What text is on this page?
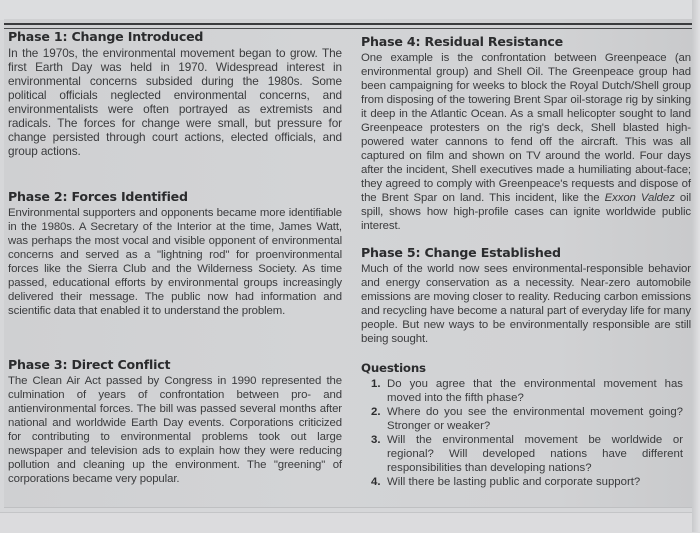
Phase 1: Change Introduced

In the 1970s, the environmental movement began to grow. The first Earth Day was held in 1970. Widespread interest in environmental concerns subsided during the 1980s. Some political officials neglected environmental concerns, and environmentalists were often portrayed as extremists and radicals. The forces for change were small, but pressure for change persisted through court actions, elected officials, and group actions.

Phase 2: Forces Identified

Environmental supporters and opponents became more identifiable in the 1980s. A Secretary of the Interior at the time, James Watt, was perhaps the most vocal and visible opponent of environmental concerns and served as a "lightning rod" for proenvironmental forces like the Sierra Club and the Wilderness Society. As time passed, educational efforts by environmental groups increasingly delivered their message. The public now had information and scientific data that enabled it to understand the problem.

Phase 3: Direct Conflict

The Clean Air Act passed by Congress in 1990 represented the culmination of years of confrontation between pro- and antienvironmental forces. The bill was passed several months after national and worldwide Earth Day events. Corporations criticized for contributing to environmental problems took out large newspaper and television ads to explain how they were reducing pollution and cleaning up the environment. The "greening" of corporations became very popular.

Phase 4: Residual Resistance

One example is the confrontation between Greenpeace (an environmental group) and Shell Oil. The Greenpeace group had been campaigning for weeks to block the Royal Dutch/Shell group from disposing of the towering Brent Spar oil-storage rig by sinking it deep in the Atlantic Ocean. As a small helicopter sought to land Greenpeace protesters on the rig's deck, Shell blasted high-powered water cannons to fend off the aircraft. This was all captured on film and shown on TV around the world. Four days after the incident, Shell executives made a humiliating about-face; they agreed to comply with Greenpeace's requests and dispose of the Brent Spar on land. This incident, like the Exxon Valdez oil spill, shows how high-profile cases can ignite worldwide public interest.

Phase 5: Change Established

Much of the world now sees environmental-responsible behavior and energy conservation as a necessity. Near-zero automobile emissions are moving closer to reality. Reducing carbon emissions and recycling have become a natural part of everyday life for many people. But new ways to be environmentally responsible are still being sought.

Questions
1. Do you agree that the environmental movement has moved into the fifth phase?
2. Where do you see the environmental movement going? Stronger or weaker?
3. Will the environmental movement be worldwide or regional? Will developed nations have different responsibilities than developing nations?
4. Will there be lasting public and corporate support?
